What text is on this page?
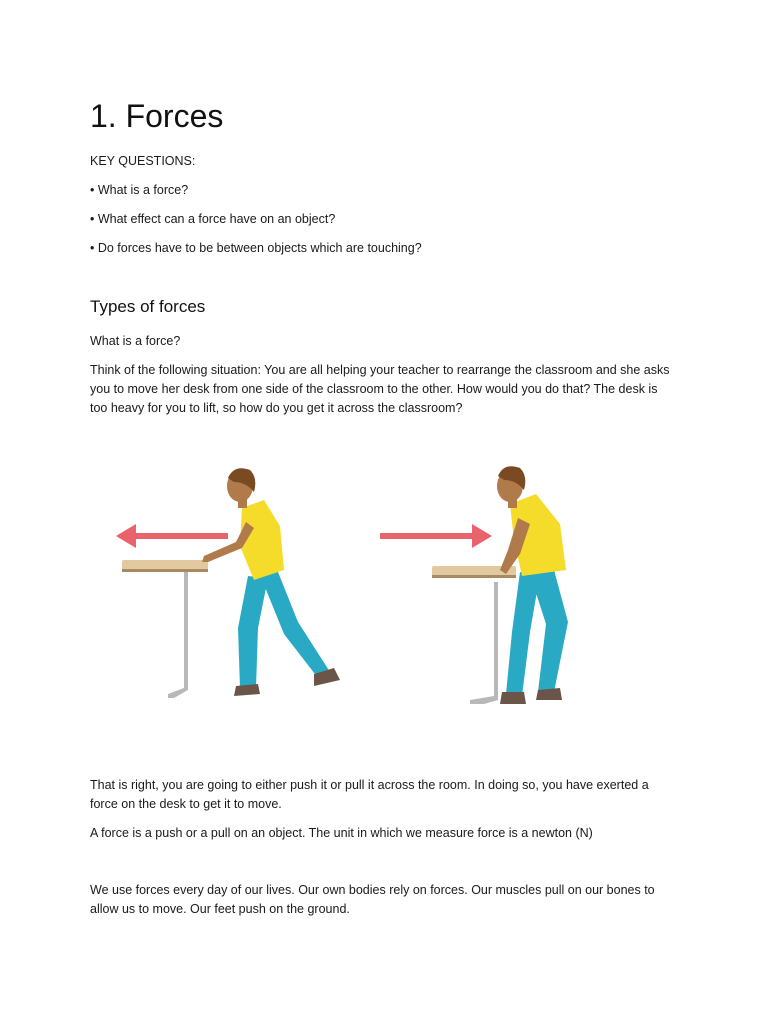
1. Forces

KEY QUESTIONS:

• What is a force?

• What effect can a force have on an object?

• Do forces have to be between objects which are touching?

Types of forces

What is a force?

Think of the following situation: You are all helping your teacher to rearrange the classroom and she asks you to move her desk from one side of the classroom to the other. How would you do that? The desk is too heavy for you to lift, so how do you get it across the classroom?

That is right, you are going to either push it or pull it across the room. In doing so, you have exerted a force on the desk to get it to move.

A force is a push or a pull on an object. The unit in which we measure force is a newton (N)

We use forces every day of our lives. Our own bodies rely on forces. Our muscles pull on our bones to allow us to move. Our feet push on the ground.
